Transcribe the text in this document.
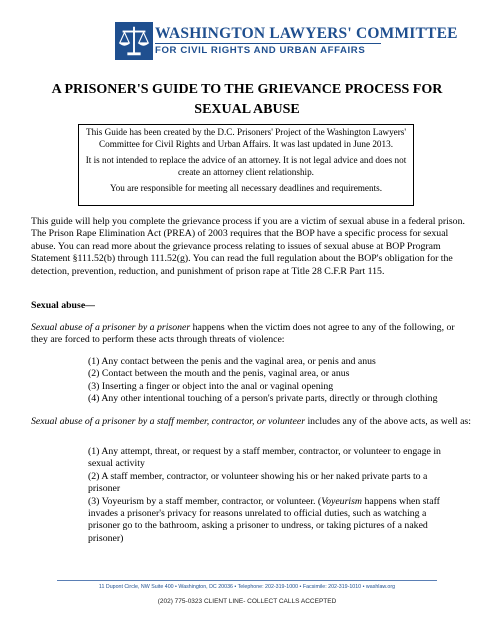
WASHINGTON LAWYERS' COMMITTEE
FOR CIVIL RIGHTS AND URBAN AFFAIRS
A PRISONER'S GUIDE TO THE GRIEVANCE PROCESS FOR
SEXUAL ABUSE

This Guide has been created by the D.C. Prisoners' Project of the Washington Lawyers' Committee for Civil Rights and Urban Affairs. It was last updated in June 2013.

It is not intended to replace the advice of an attorney. It is not legal advice and does not create an attorney client relationship.

You are responsible for meeting all necessary deadlines and requirements.

This guide will help you complete the grievance process if you are a victim of sexual abuse in a federal prison. The Prison Rape Elimination Act (PREA) of 2003 requires that the BOP have a specific process for sexual abuse. You can read more about the grievance process relating to issues of sexual abuse at BOP Program Statement §111.52(b) through 111.52(g). You can read the full regulation about the BOP's obligation for the detection, prevention, reduction, and punishment of prison rape at Title 28 C.F.R Part 115.
Sexual abuse—
Sexual abuse of a prisoner by a prisoner happens when the victim does not agree to any of the following, or they are forced to perform these acts through threats of violence:
(1) Any contact between the penis and the vaginal area, or penis and anus
(2) Contact between the mouth and the penis, vaginal area, or anus
(3) Inserting a finger or object into the anal or vaginal opening
(4) Any other intentional touching of a person's private parts, directly or through clothing
Sexual abuse of a prisoner by a staff member, contractor, or volunteer includes any of the above acts, as well as:
(1) Any attempt, threat, or request by a staff member, contractor, or volunteer to engage in sexual activity
(2) A staff member, contractor, or volunteer showing his or her naked private parts to a prisoner
(3) Voyeurism by a staff member, contractor, or volunteer. (Voyeurism happens when staff invades a prisoner's privacy for reasons unrelated to official duties, such as watching a prisoner go to the bathroom, asking a prisoner to undress, or taking pictures of a naked prisoner)
11 Dupont Circle, NW Suite 400 • Washington, DC 20036 • Telephone: 202-319-1000 • Facsimile: 202-319-1010 • washlaw.org
(202) 775-0323 CLIENT LINE- COLLECT CALLS ACCEPTED
